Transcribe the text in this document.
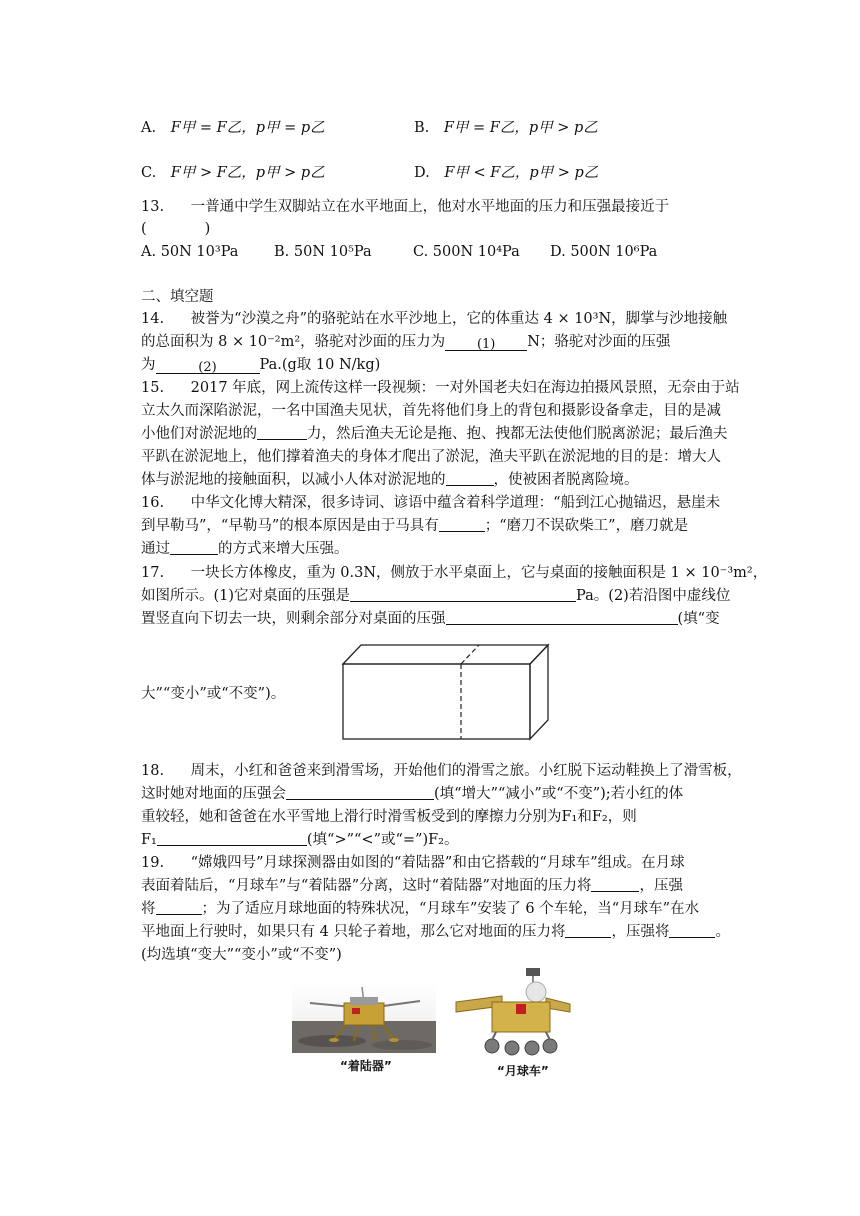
A. F甲 = F乙，p甲 = p乙	B. F甲 = F乙，p甲 > p乙
C. F甲 > F乙，p甲 > p乙	D. F甲 < F乙，p甲 > p乙
13. 一普通中学生双脚站立在水平地面上，他对水平地面的压力和压强最接近于
(　　　　)
A. 50N 10³Pa B. 50N 10⁵Pa	C. 500N 10⁴Pa D. 500N 10⁶Pa
二、填空题
14. 被誉为“沙漠之舟”的骆驼站在水平沙地上，它的体重达 4 × 10³N，脚掌与沙地接触
的总面积为 8 × 10⁻²m²，骆驼对沙面的压力为 (1) N；骆驼对沙面的压强
为	(2)	Pa.(g取 10 N/kg)
15. 2017 年底，网上流传这样一段视频：一对外国老夫妇在海边拍摄风景照，无奈由于站
立太久而深陷淤泥，一名中国渔夫见状，首先将他们身上的背包和摄影设备拿走，目的是减
小他们对淤泥地的	力，然后渔夫无论是拖、抱、拽都无法使他们脱离淤泥；最后渔夫
平趴在淤泥地上，他们撑着渔夫的身体才爬出了淤泥，渔夫平趴在淤泥地的目的是：增大人
体与淤泥地的接触面积，以减小人体对淤泥地的	，使被困者脱离险境。
16. 中华文化博大精深，很多诗词、谚语中蕴含着科学道理：“船到江心抛锚迟，悬崖未
到早勒马”，“早勒马”的根本原因是由于马具有	；“磨刀不误砍柴工”，磨刀就是
通过	的方式来增大压强。
17. 一块长方体橡皮，重为 0.3N，侧放于水平桌面上，它与桌面的接触面积是 1 × 10⁻³m²，
如图所示。(1)它对桌面的压强是	Pa。(2)若沿图中虚线位
置竖直向下切去一块，则剩余部分对桌面的压强	(填“变
大”“变小”或“不变”)。
18. 周末，小红和爸爸来到滑雪场，开始他们的滑雪之旅。小红脱下运动鞋换上了滑雪板，
这时她对地面的压强会	(填“增大”“减小”或“不变”);若小红的体
重较轻，她和爸爸在水平雪地上滑行时滑雪板受到的摩擦力分别为F₁和F₂，则
F₁	(填“>”“<”或“=”)F₂。
19. “嫦娥四号”月球探测器由如图的“着陆器”和由它搭载的“月球车”组成。在月球
表面着陆后，“月球车”与“着陆器”分离，这时“着陆器”对地面的压力将	，压强
将	；为了适应月球地面的特殊状况，“月球车”安装了 6 个车轮，当“月球车”在水
平地面上行驶时，如果只有 4 只轮子着地，那么它对地面的压力将	，压强将	。
(均选填“变大”“变小”或“不变”)
“着陆器”	“月球车”
